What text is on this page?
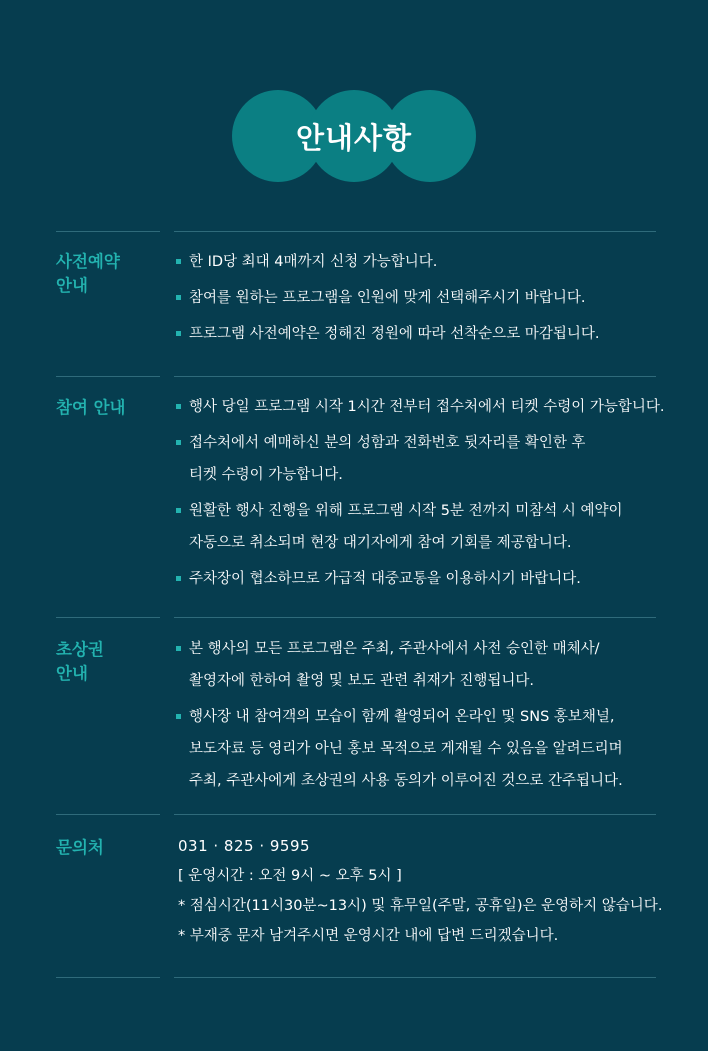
안내사항
사전예약
안내
한 ID당 최대 4매까지 신청 가능합니다.
참여를 원하는 프로그램을 인원에 맞게 선택해주시기 바랍니다.
프로그램 사전예약은 정해진 정원에 따라 선착순으로 마감됩니다.
참여 안내	행사 당일 프로그램 시작 1시간 전부터 접수처에서 티켓 수령이 가능합니다.
접수처에서 예매하신 분의 성함과 전화번호 뒷자리를 확인한 후
티켓 수령이 가능합니다.
원활한 행사 진행을 위해 프로그램 시작 5분 전까지 미참석 시 예약이
자동으로 취소되며 현장 대기자에게 참여 기회를 제공합니다.
주차장이 협소하므로 가급적 대중교통을 이용하시기 바랍니다.
초상권
안내
본 행사의 모든 프로그램은 주최, 주관사에서 사전 승인한 매체사/
촬영자에 한하여 촬영 및 보도 관련 취재가 진행됩니다.
행사장 내 참여객의 모습이 함께 촬영되어 온라인 및 SNS 홍보채널,
보도자료 등 영리가 아닌 홍보 목적으로 게재될 수 있음을 알려드리며
주최, 주관사에게 초상권의 사용 동의가 이루어진 것으로 간주됩니다.
문의처	031 · 825 · 9595
[ 운영시간 : 오전 9시 ~ 오후 5시 ]
* 점심시간(11시30분~13시) 및 휴무일(주말, 공휴일)은 운영하지 않습니다.
* 부재중 문자 남겨주시면 운영시간 내에 답변 드리겠습니다.
